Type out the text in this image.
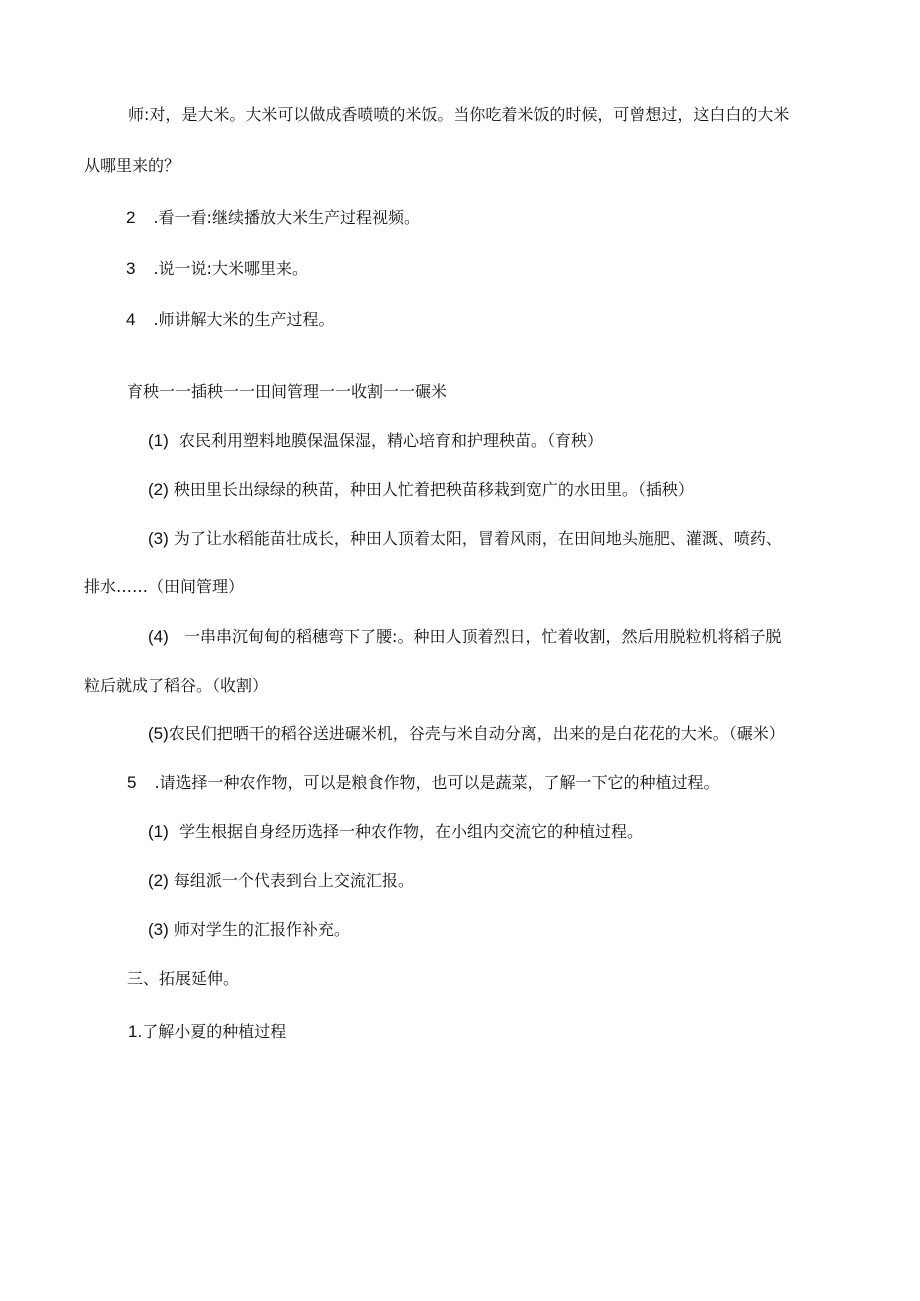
师:对，是大米。大米可以做成香喷喷的米饭。当你吃着米饭的时候，可曾想过，这白白的大米
从哪里来的？
2 .看一看:继续播放大米生产过程视频。
3 .说一说:大米哪里来。
4 .师讲解大米的生产过程。
育秧一一插秧一一田间管理一一收割一一碾米
(1) 农民利用塑料地膜保温保湿，精心培育和护理秧苗。（育秧）
(2) 秧田里长出绿绿的秧苗，种田人忙着把秧苗移栽到宽广的水田里。（插秧）
(3) 为了让水稻能苗壮成长，种田人顶着太阳，冒着风雨，在田间地头施肥、灌溉、喷药、
排水……（田间管理）
(4) 一串串沉甸甸的稻穗弯下了腰:。种田人顶着烈日，忙着收割，然后用脱粒机将稻子脱
粒后就成了稻谷。（收割）
(5)农民们把晒干的稻谷送进碾米机，谷壳与米自动分离，出来的是白花花的大米。（碾米）
5 .请选择一种农作物，可以是粮食作物，也可以是蔬菜，了解一下它的种植过程。
(1) 学生根据自身经历选择一种农作物，在小组内交流它的种植过程。
(2) 每组派一个代表到台上交流汇报。
(3) 师对学生的汇报作补充。
三、拓展延伸。
1.了解小夏的种植过程
